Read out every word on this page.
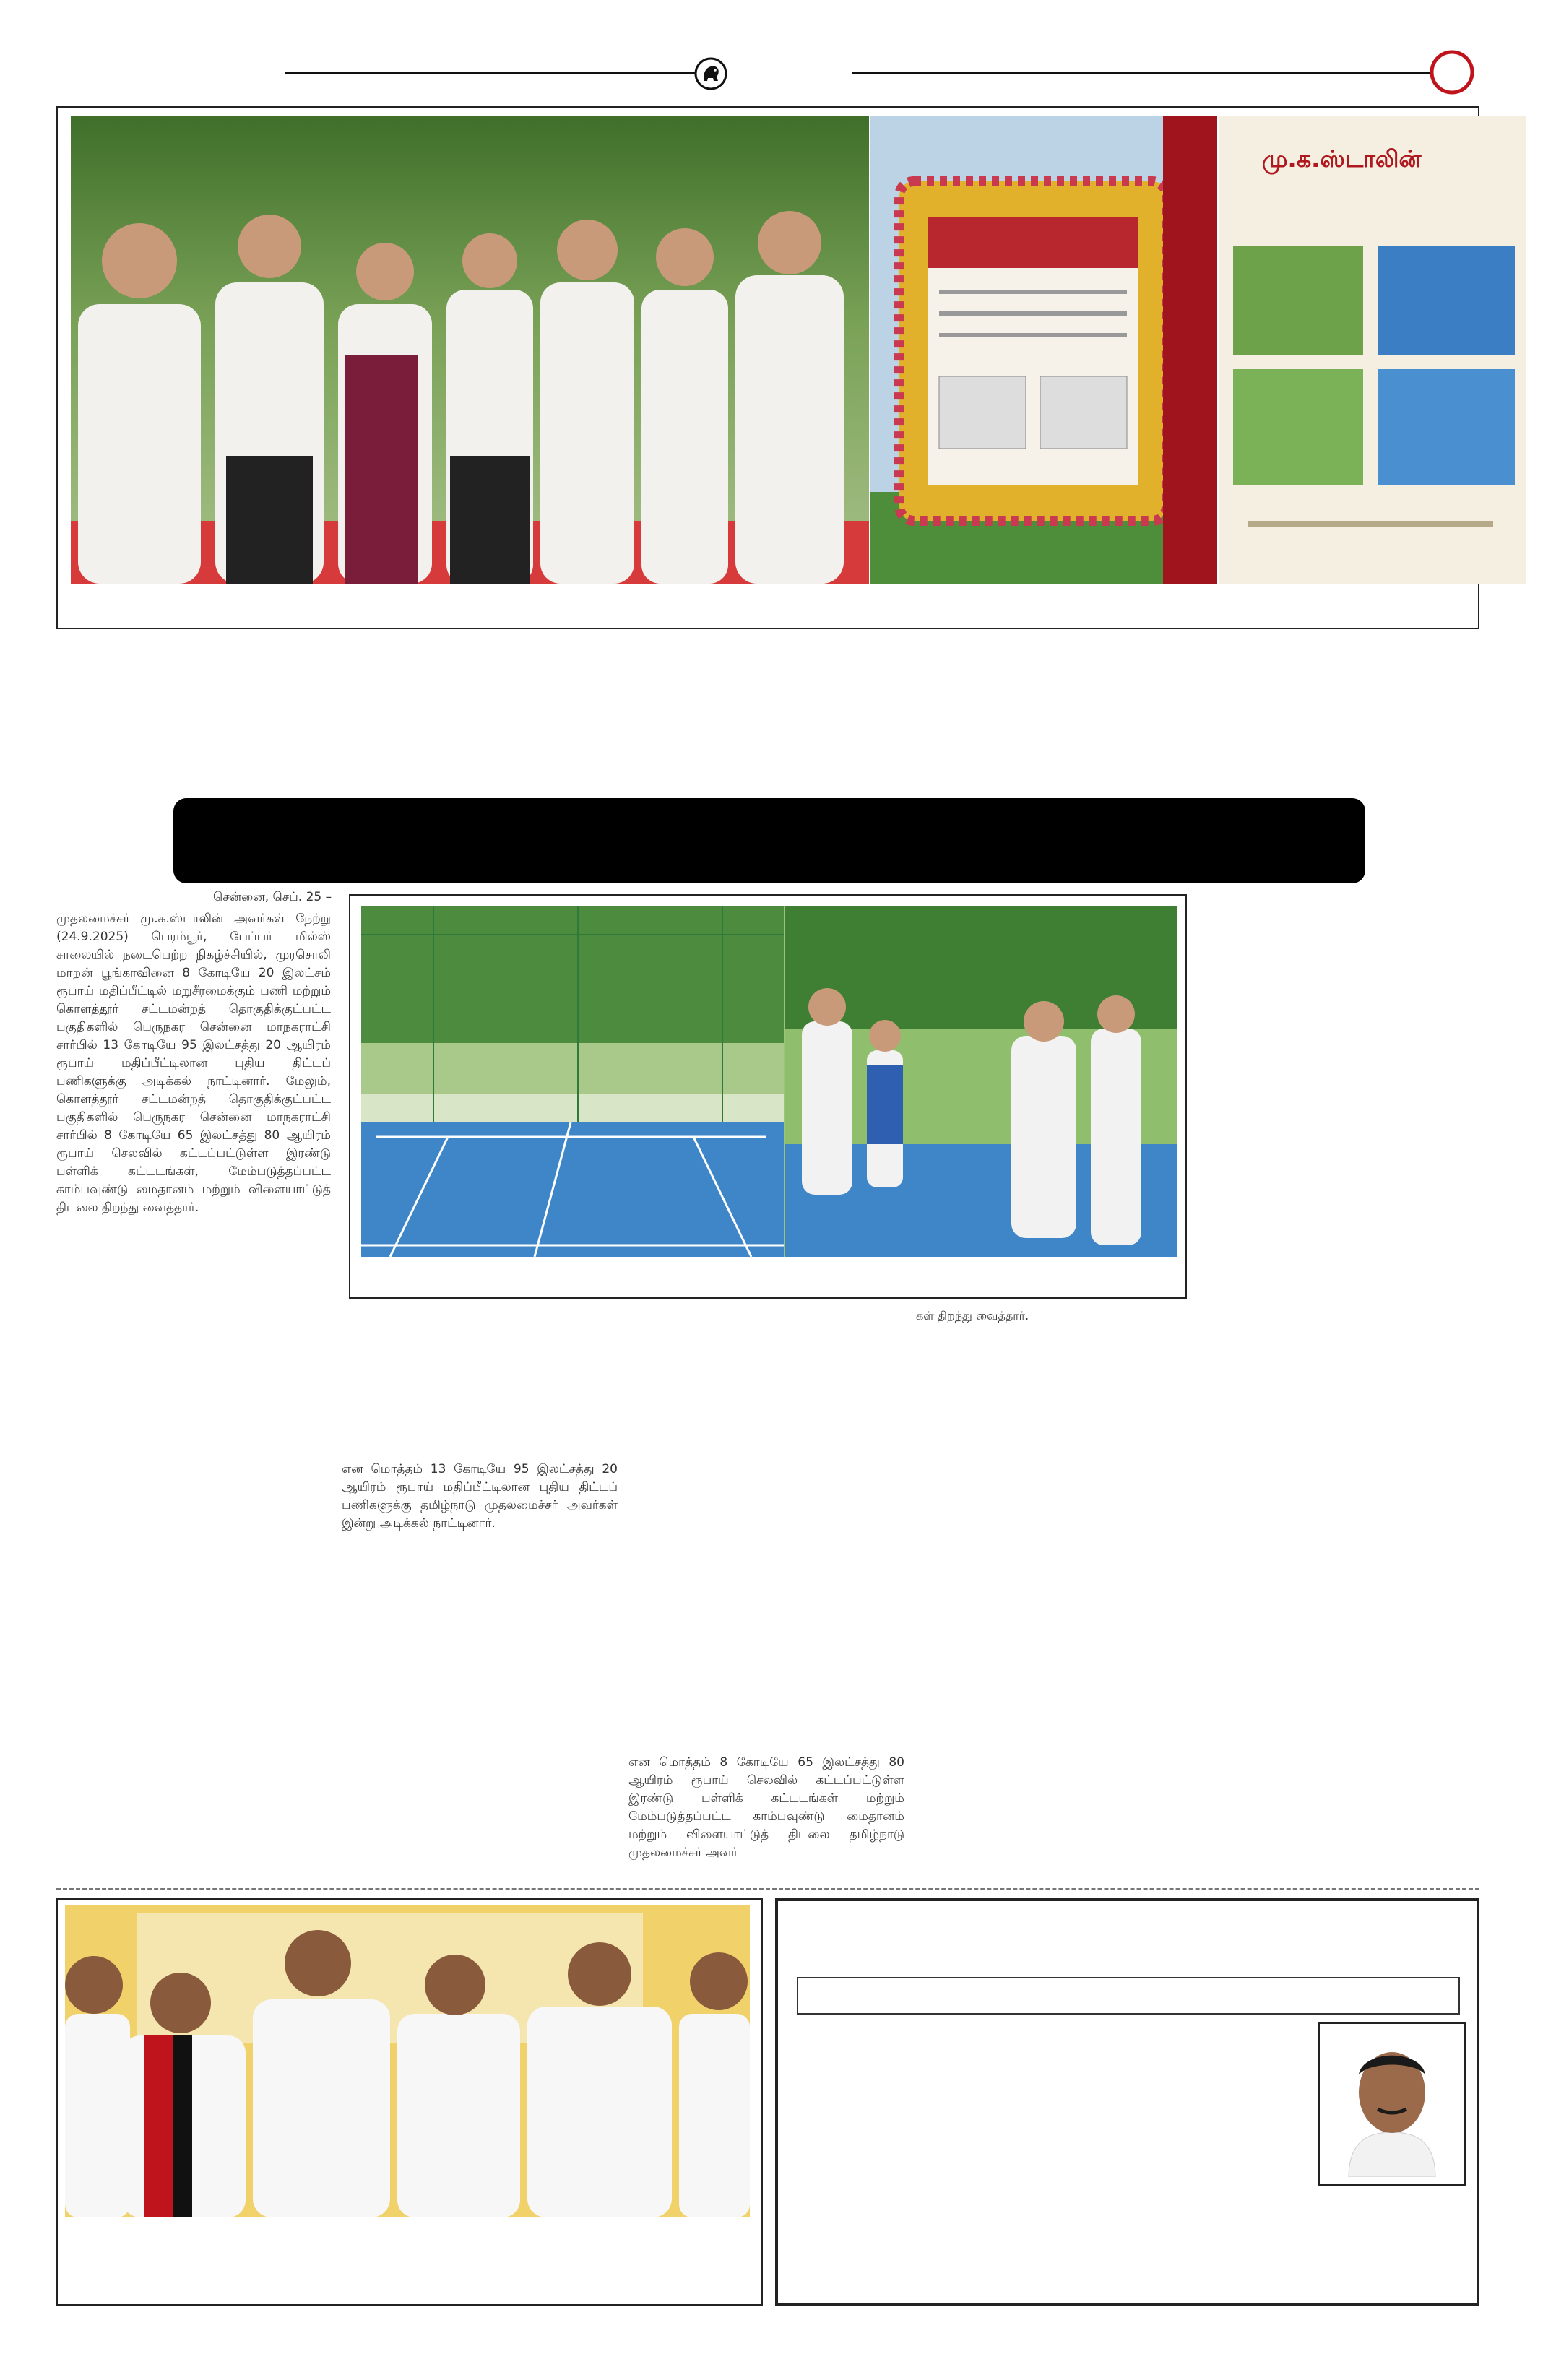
மு.க.ஸ்டாலின்
சென்னை, செப். 25 –
முதலமைச்சர் மு.க.ஸ்டாலின் அவர்கள் நேற்று (24.9.2025) பெரம்பூர், பேப்பர் மில்ஸ் சாலையில் நடைபெற்ற நிகழ்ச்சியில், முரசொலி மாறன் பூங்காவினை 8 கோடியே 20 இலட்சம் ரூபாய் மதிப்பீட்டில் மறுசீரமைக்கும் பணி மற்றும் கொளத்தூர் சட்டமன்றத் தொகுதிக்குட்பட்ட பகுதிகளில் பெருநகர சென்னை மாநகராட்சி சார்பில் 13 கோடியே 95 இலட்சத்து 20 ஆயிரம் ரூபாய் மதிப்பீட்டிலான புதிய திட்டப் பணிகளுக்கு அடிக்கல் நாட்டினார். மேலும், கொளத்தூர் சட்டமன்றத் தொகுதிக்குட்பட்ட பகுதிகளில் பெருநகர சென்னை மாநகராட்சி சார்பில் 8 கோடியே 65 இலட்சத்து 80 ஆயிரம் ரூபாய் செலவில் கட்டப்பட்டுள்ள இரண்டு பள்ளிக் கட்டடங்கள், மேம்படுத்தப்பட்ட காம்பவுண்டு மைதானம் மற்றும் விளையாட்டுத் திடலை திறந்து வைத்தார்.
கள் திறந்து வைத்தார்.
என மொத்தம் 13 கோடியே 95 இலட்சத்து 20 ஆயிரம் ரூபாய் மதிப்பீட்டிலான புதிய திட்டப் பணிகளுக்கு தமிழ்நாடு முதலமைச்சர் அவர்கள் இன்று அடிக்கல் நாட்டினார்.
என மொத்தம் 8 கோடியே 65 இலட்சத்து 80 ஆயிரம் ரூபாய் செலவில் கட்டப்பட்டுள்ள இரண்டு பள்ளிக் கட்டடங்கள் மற்றும் மேம்படுத்தப்பட்ட காம்பவுண்டு மைதானம் மற்றும் விளையாட்டுத் திடலை தமிழ்நாடு முதலமைச்சர் அவர்
